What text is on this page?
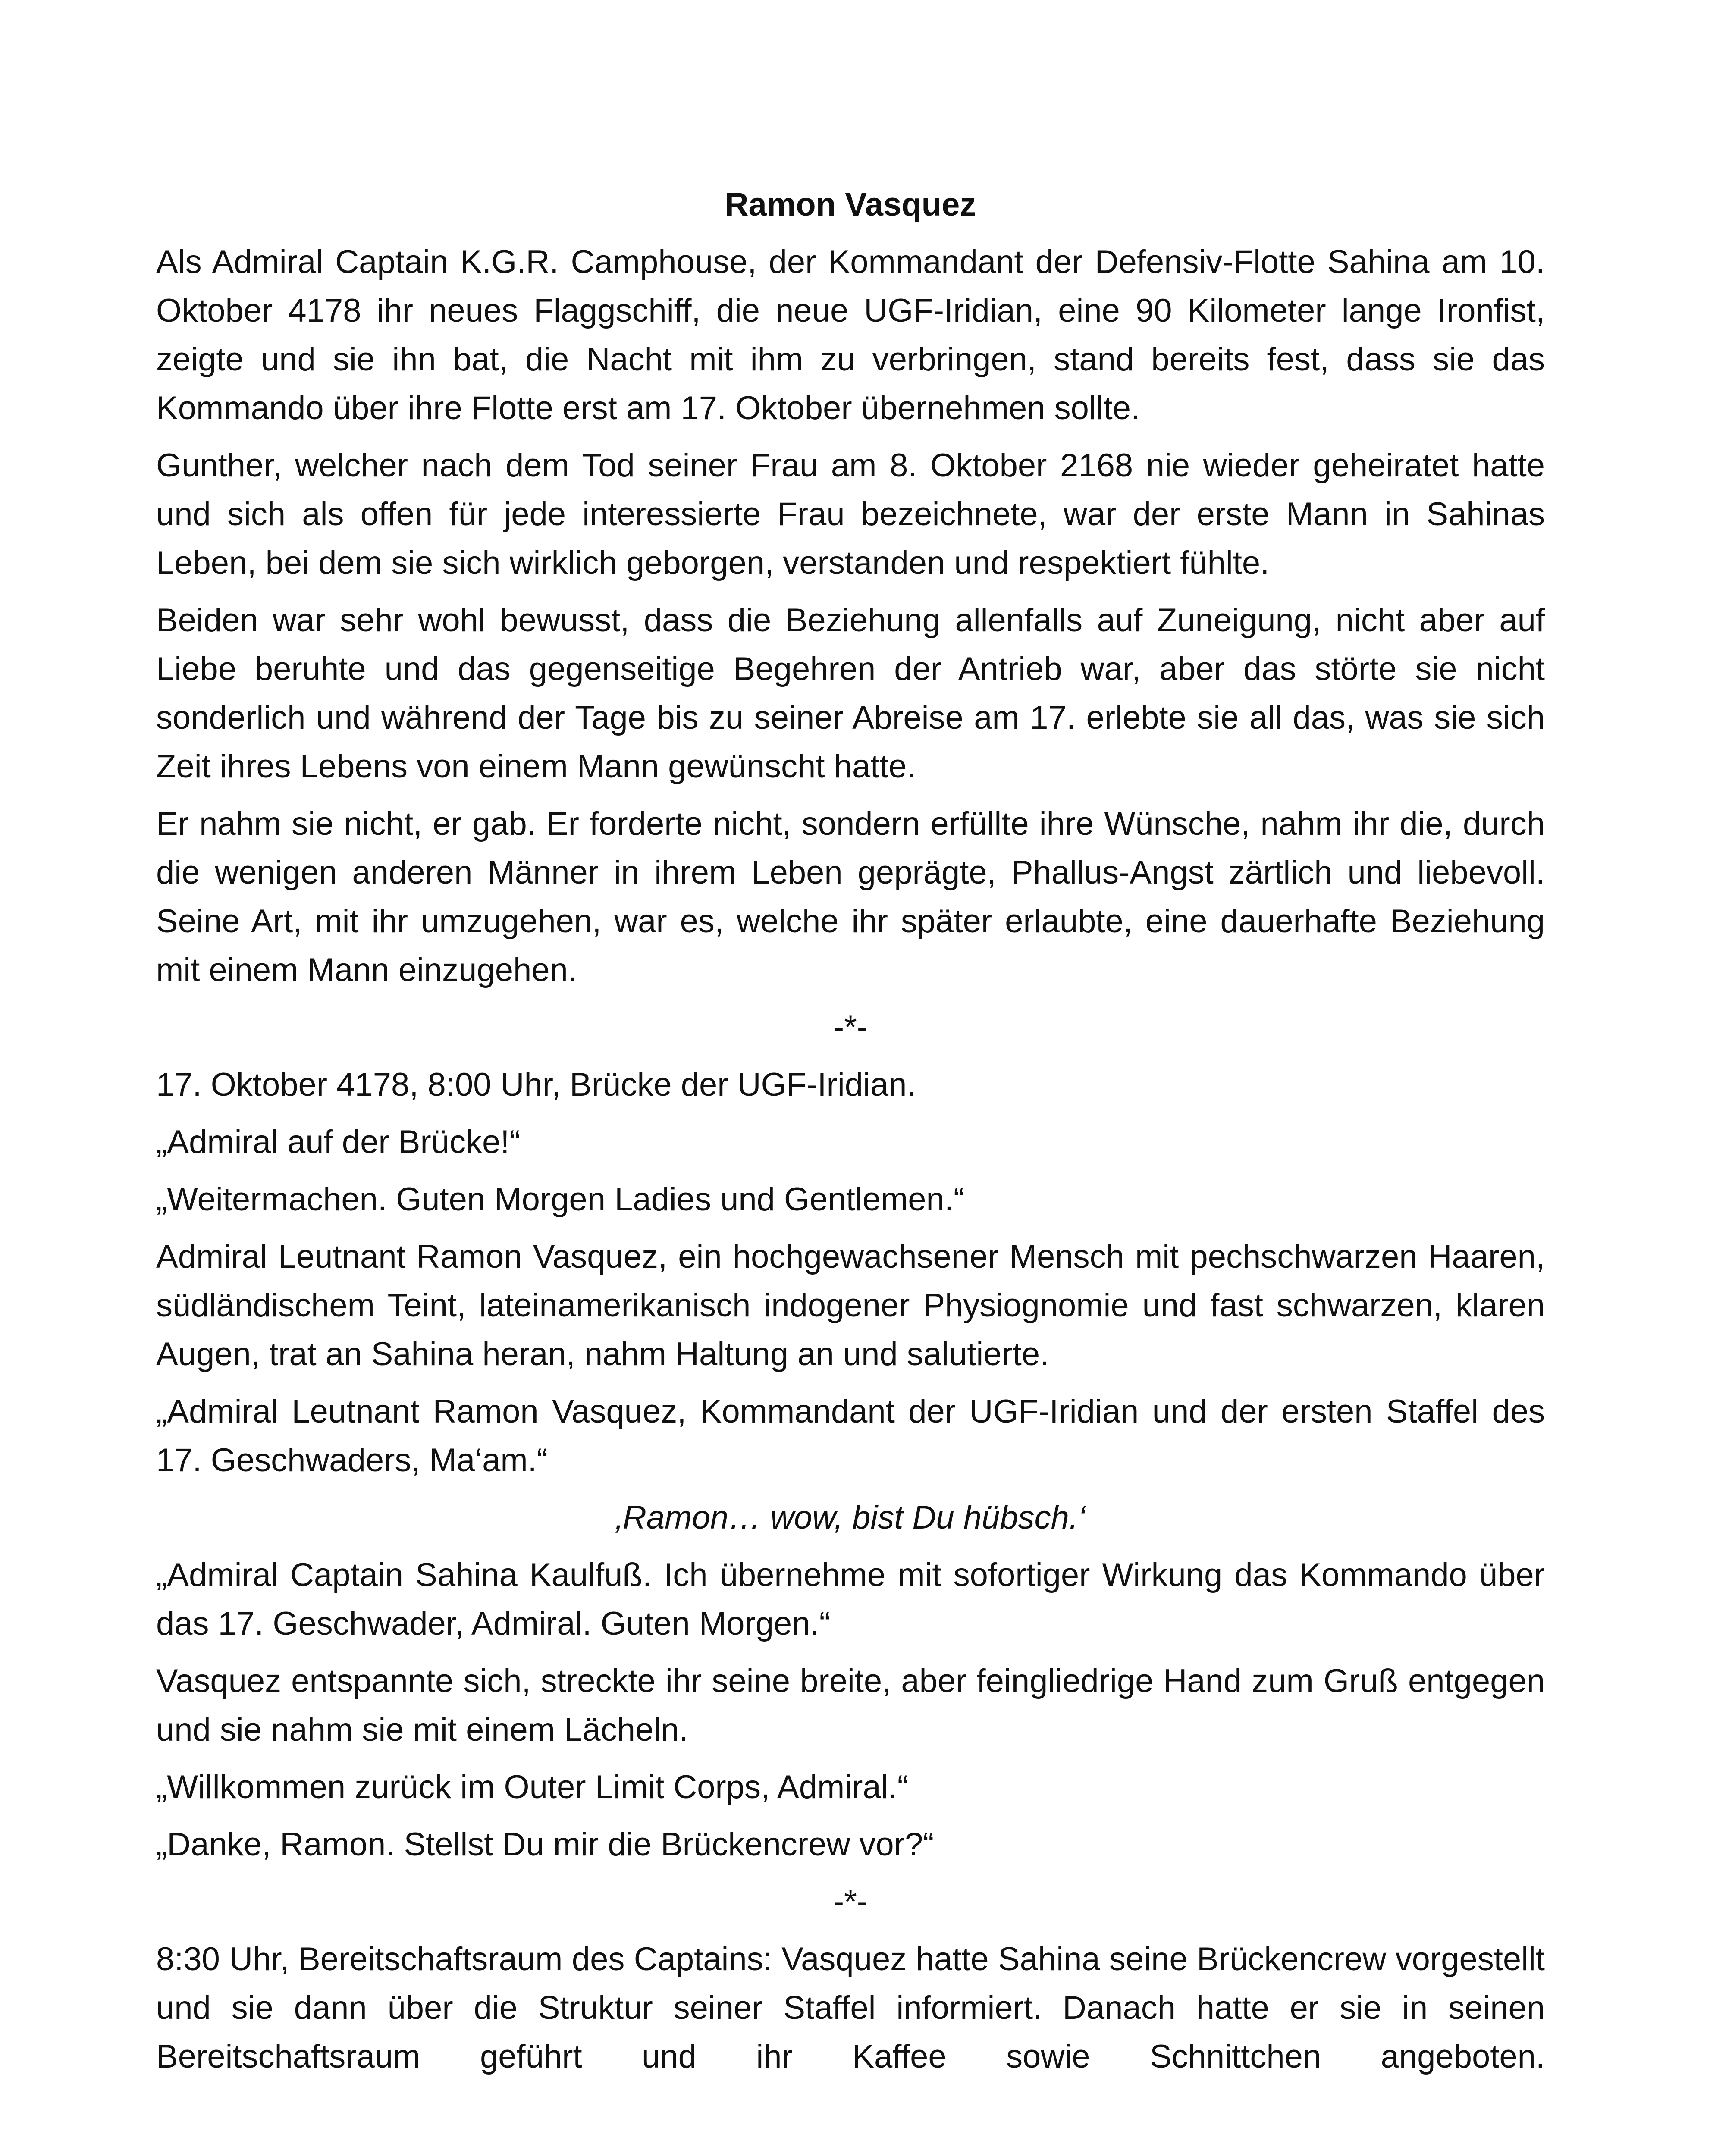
Ramon Vasquez

Als Admiral Captain K.G.R. Camphouse, der Kommandant der Defensiv-Flotte Sahina am 10. Oktober 4178 ihr neues Flaggschiff, die neue UGF-Iridian, eine 90 Kilometer lange Ironfist, zeigte und sie ihn bat, die Nacht mit ihm zu verbringen, stand bereits fest, dass sie das Kommando über ihre Flotte erst am 17. Oktober übernehmen sollte.

Gunther, welcher nach dem Tod seiner Frau am 8. Oktober 2168 nie wieder geheiratet hatte und sich als offen für jede interessierte Frau bezeichnete, war der erste Mann in Sahinas Leben, bei dem sie sich wirklich geborgen, verstanden und respektiert fühlte.

Beiden war sehr wohl bewusst, dass die Beziehung allenfalls auf Zuneigung, nicht aber auf Liebe beruhte und das gegenseitige Begehren der Antrieb war, aber das störte sie nicht sonderlich und während der Tage bis zu seiner Abreise am 17. erlebte sie all das, was sie sich Zeit ihres Lebens von einem Mann gewünscht hatte.

Er nahm sie nicht, er gab. Er forderte nicht, sondern erfüllte ihre Wünsche, nahm ihr die, durch die wenigen anderen Männer in ihrem Leben geprägte, Phallus-Angst zärtlich und liebevoll. Seine Art, mit ihr umzugehen, war es, welche ihr später erlaubte, eine dauerhafte Beziehung mit einem Mann einzugehen.

-*-

17. Oktober 4178, 8:00 Uhr, Brücke der UGF-Iridian.

„Admiral auf der Brücke!“

„Weitermachen. Guten Morgen Ladies und Gentlemen.“

Admiral Leutnant Ramon Vasquez, ein hochgewachsener Mensch mit pechschwarzen Haaren, südländischem Teint, lateinamerikanisch indogener Physiognomie und fast schwarzen, klaren Augen, trat an Sahina heran, nahm Haltung an und salutierte.

„Admiral Leutnant Ramon Vasquez, Kommandant der UGF-Iridian und der ersten Staffel des 17. Geschwaders, Ma‘am.“

‚Ramon… wow, bist Du hübsch.‘

„Admiral Captain Sahina Kaulfuß. Ich übernehme mit sofortiger Wirkung das Kommando über das 17. Geschwader, Admiral. Guten Morgen.“

Vasquez entspannte sich, streckte ihr seine breite, aber feingliedrige Hand zum Gruß entgegen und sie nahm sie mit einem Lächeln.

„Willkommen zurück im Outer Limit Corps, Admiral.“

„Danke, Ramon. Stellst Du mir die Brückencrew vor?“

-*-

8:30 Uhr, Bereitschaftsraum des Captains: Vasquez hatte Sahina seine Brückencrew vorgestellt und sie dann über die Struktur seiner Staffel informiert. Danach hatte er sie in seinen Bereitschaftsraum geführt und ihr Kaffee sowie Schnittchen angeboten.
